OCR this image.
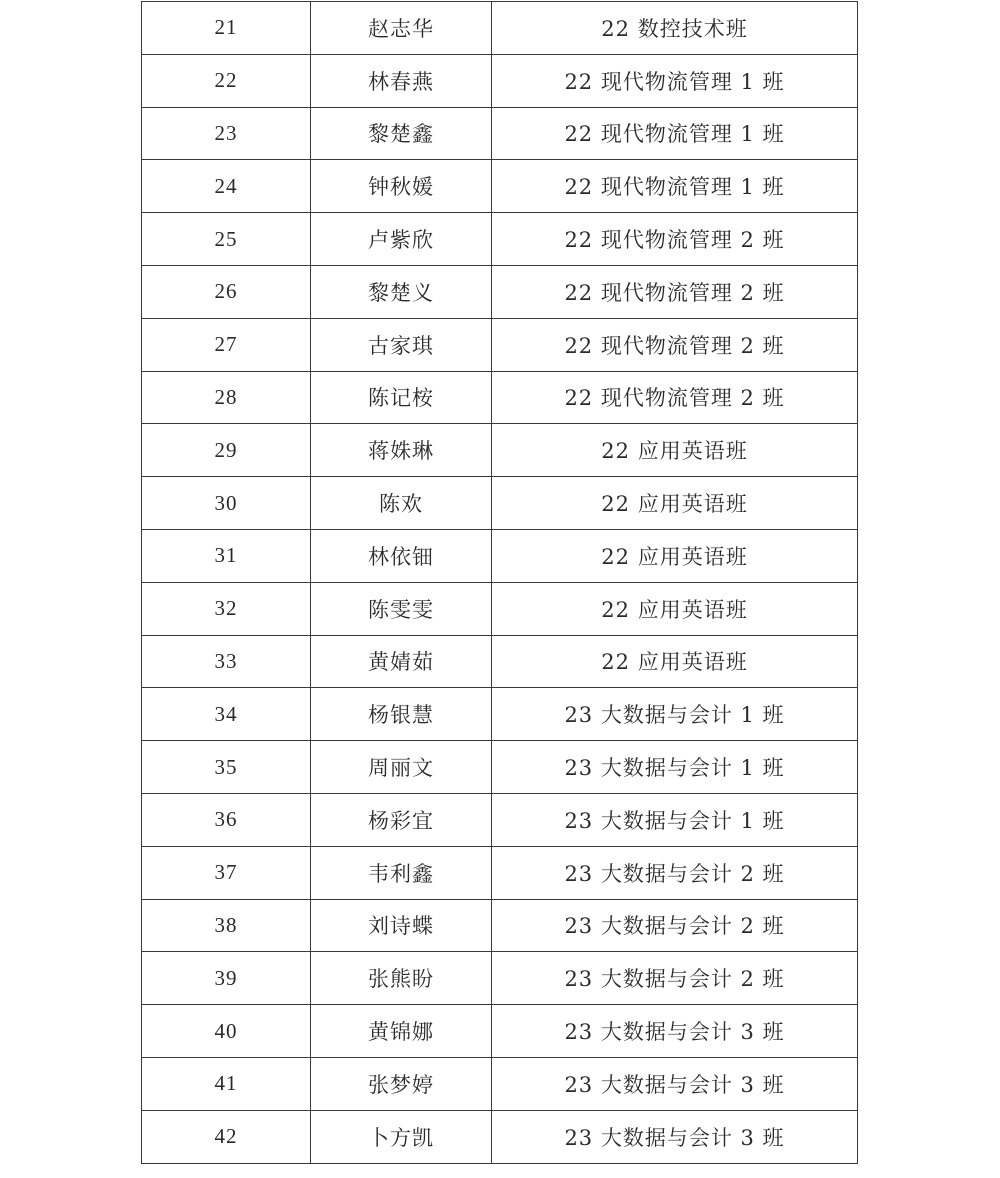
21	赵志华	22 数控技术班
22	林春燕	22 现代物流管理 1 班
23	黎楚鑫	22 现代物流管理 1 班
24	钟秋媛	22 现代物流管理 1 班
25	卢紫欣	22 现代物流管理 2 班
26	黎楚义	22 现代物流管理 2 班
27	古家琪	22 现代物流管理 2 班
28	陈记桉	22 现代物流管理 2 班
29	蒋姝琳	22 应用英语班
30	陈欢	22 应用英语班
31	林依钿	22 应用英语班
32	陈雯雯	22 应用英语班
33	黄婧茹	22 应用英语班
34	杨银慧	23 大数据与会计 1 班
35	周丽文	23 大数据与会计 1 班
36	杨彩宜	23 大数据与会计 1 班
37	韦利鑫	23 大数据与会计 2 班
38	刘诗蝶	23 大数据与会计 2 班
39	张熊盼	23 大数据与会计 2 班
40	黄锦娜	23 大数据与会计 3 班
41	张梦婷	23 大数据与会计 3 班
42	卜方凯	23 大数据与会计 3 班
